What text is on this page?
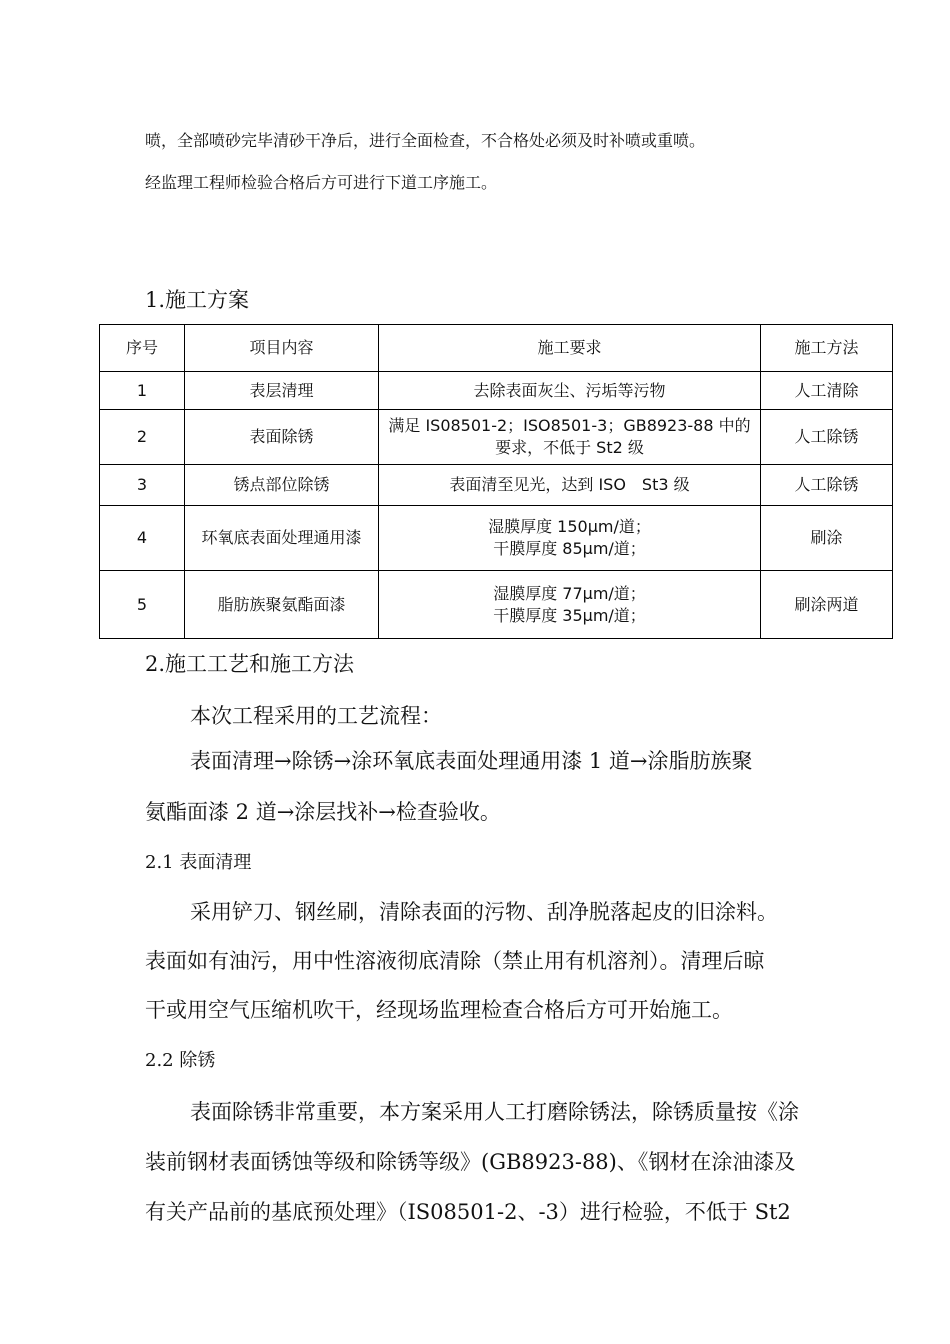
喷，全部喷砂完毕清砂干净后，进行全面检查，不合格处必须及时补喷或重喷。
经监理工程师检验合格后方可进行下道工序施工。
1.施工方案
序号	项目内容	施工要求	施工方法
1	表层清理	去除表面灰尘、污垢等污物	人工清除
2	表面除锈	满足 IS08501-2；ISO8501-3；GB8923-88 中的
要求，不低于 St2 级	人工除锈
3	锈点部位除锈	表面清至见光，达到 ISO　St3 级	人工除锈
4	环氧底表面处理通用漆	湿膜厚度 150μm/道；
干膜厚度 85μm/道；	刷涂
5	脂肪族聚氨酯面漆	湿膜厚度 77μm/道；
干膜厚度 35μm/道；	刷涂两道
2.施工工艺和施工方法
本次工程采用的工艺流程：
表面清理→除锈→涂环氧底表面处理通用漆 1 道→涂脂肪族聚
氨酯面漆 2 道→涂层找补→检查验收。
2.1 表面清理
采用铲刀、钢丝刷，清除表面的污物、刮净脱落起皮的旧涂料。
表面如有油污，用中性溶液彻底清除（禁止用有机溶剂）。清理后晾
干或用空气压缩机吹干，经现场监理检查合格后方可开始施工。
2.2 除锈
表面除锈非常重要，本方案采用人工打磨除锈法，除锈质量按《涂
装前钢材表面锈蚀等级和除锈等级》(GB8923-88)、《钢材在涂油漆及
有关产品前的基底预处理》（IS08501-2、-3）进行检验，不低于 St2
